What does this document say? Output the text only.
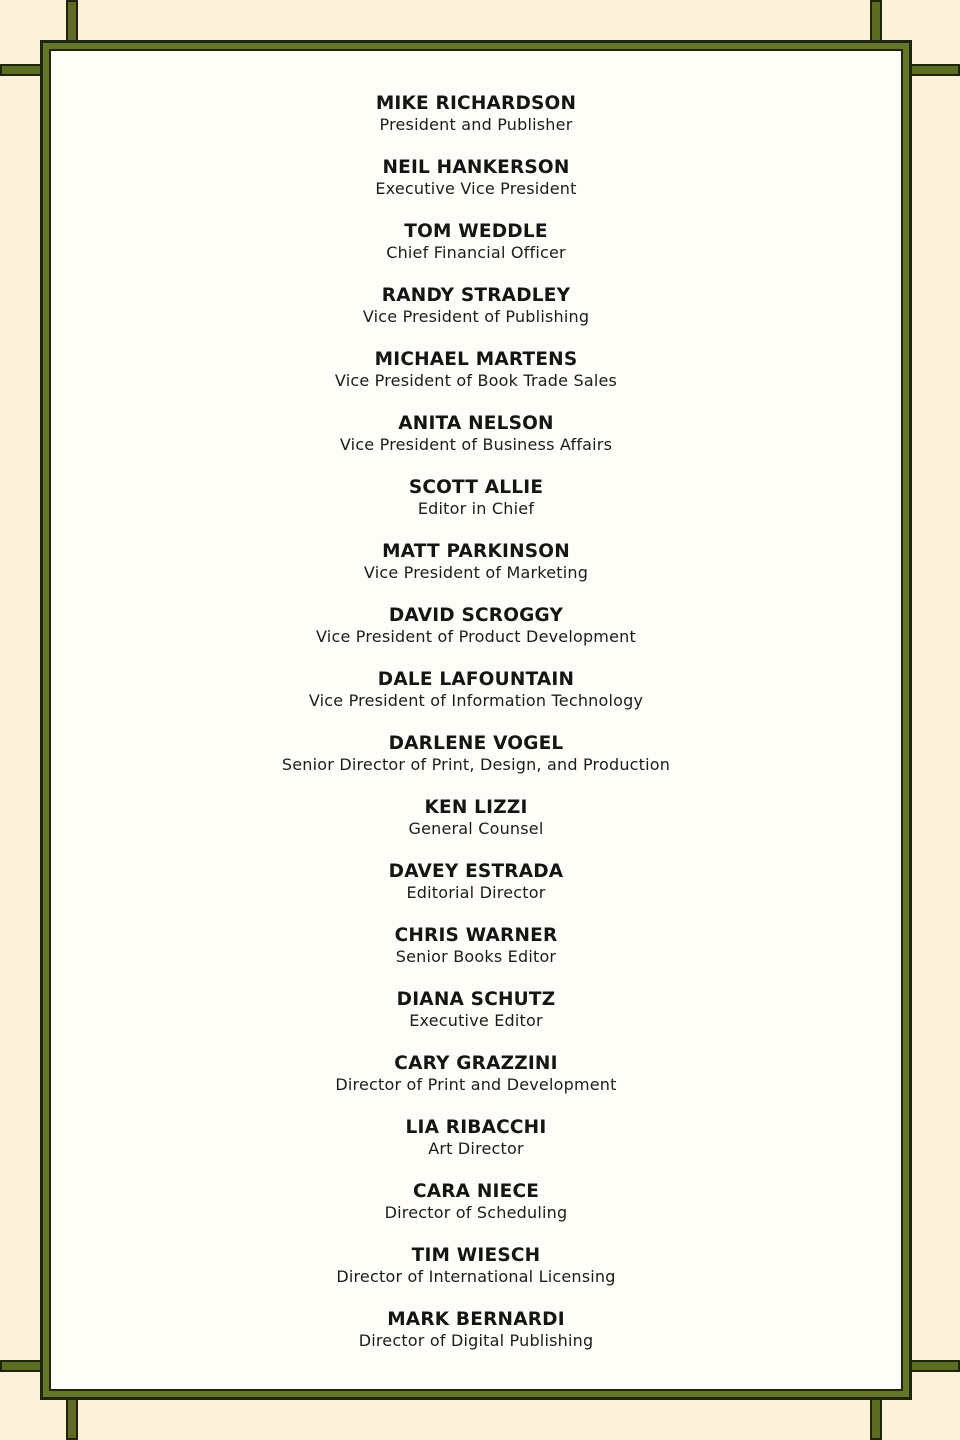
MIKE RICHARDSON
President and Publisher
NEIL HANKERSON
Executive Vice President
TOM WEDDLE
Chief Financial Officer
RANDY STRADLEY
Vice President of Publishing
MICHAEL MARTENS
Vice President of Book Trade Sales
ANITA NELSON
Vice President of Business Affairs
SCOTT ALLIE
Editor in Chief
MATT PARKINSON
Vice President of Marketing
DAVID SCROGGY
Vice President of Product Development
DALE LAFOUNTAIN
Vice President of Information Technology
DARLENE VOGEL
Senior Director of Print, Design, and Production
KEN LIZZI
General Counsel
DAVEY ESTRADA
Editorial Director
CHRIS WARNER
Senior Books Editor
DIANA SCHUTZ
Executive Editor
CARY GRAZZINI
Director of Print and Development
LIA RIBACCHI
Art Director
CARA NIECE
Director of Scheduling
TIM WIESCH
Director of International Licensing
MARK BERNARDI
Director of Digital Publishing
